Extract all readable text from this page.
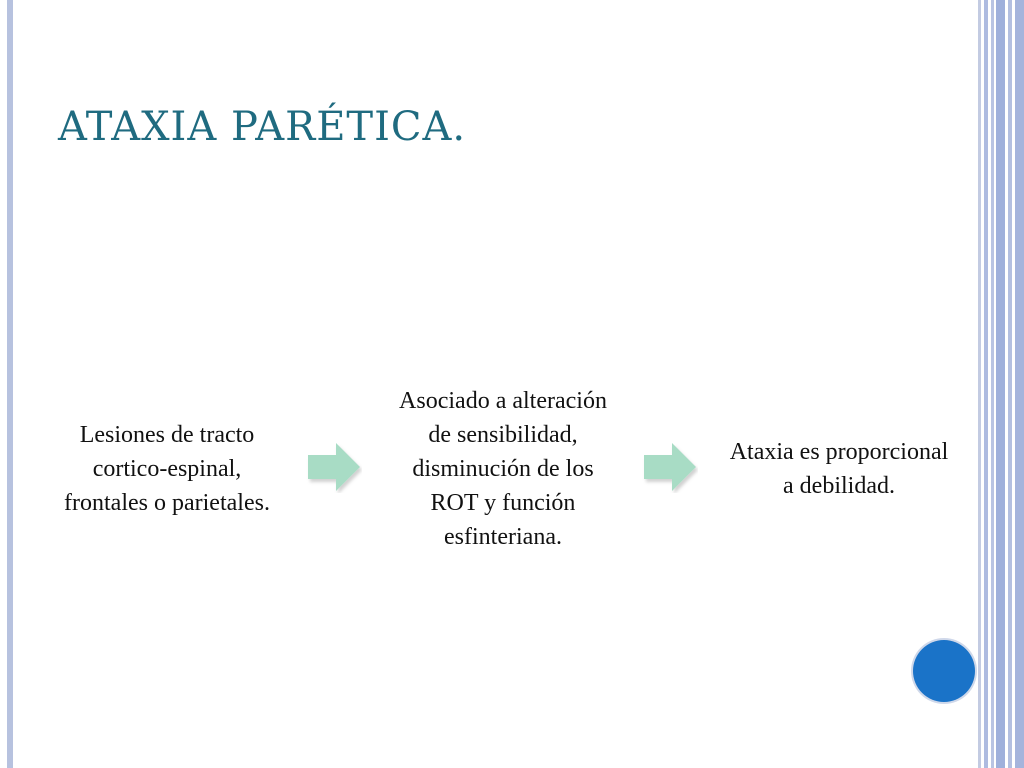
ATAXIA PARÉTICA.
Lesiones de tracto cortico-espinal, frontales o parietales.
Asociado a alteración de sensibilidad, disminución de los ROT y función esfinteriana.
Ataxia es proporcional a debilidad.
